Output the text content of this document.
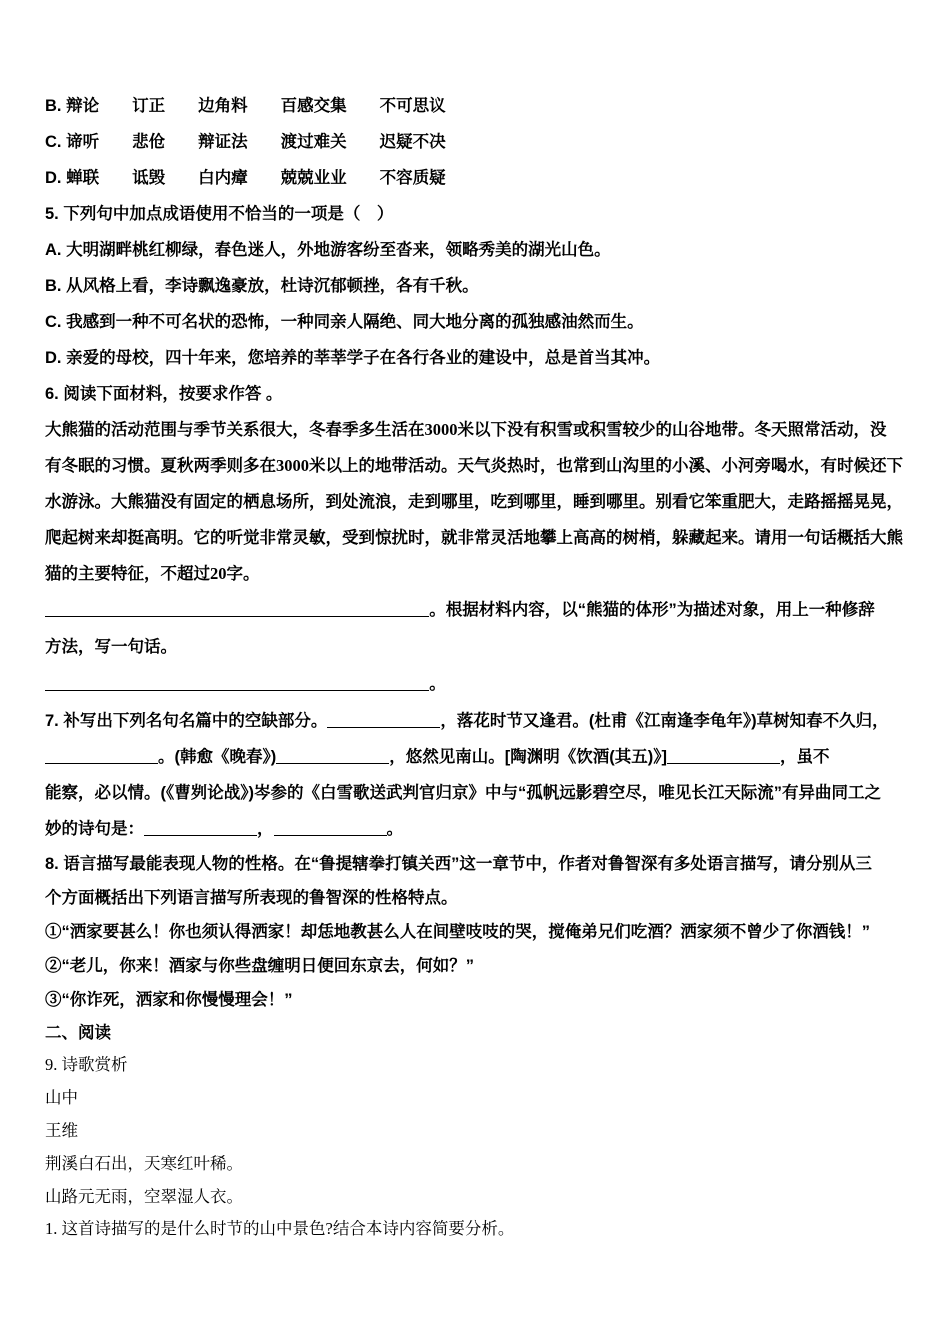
B. 辩论　　订正　　边角料　　百感交集　　不可思议
C. 谛听　　悲伧　　辩证法　　渡过难关　　迟疑不决
D. 蝉联　　诋毁　　白内瘴　　兢兢业业　　不容质疑
5. 下列句中加点成语使用不恰当的一项是（　）
A. 大明湖畔桃红柳绿，春色迷人，外地游客纷至沓来，领略秀美的湖光山色。
B. 从风格上看，李诗飘逸豪放，杜诗沉郁顿挫，各有千秋。
C. 我感到一种不可名状的恐怖，一种同亲人隔绝、同大地分离的孤独感油然而生。
D. 亲爱的母校，四十年来，您培养的莘莘学子在各行各业的建设中，总是首当其冲。
6. 阅读下面材料，按要求作答 。
大熊猫的活动范围与季节关系很大，冬春季多生活在3000米以下没有积雪或积雪较少的山谷地带。冬天照常活动，没
有冬眠的习惯。夏秋两季则多在3000米以上的地带活动。天气炎热时，也常到山沟里的小溪、小河旁喝水，有时候还下
水游泳。大熊猫没有固定的栖息场所，到处流浪，走到哪里，吃到哪里，睡到哪里。别看它笨重肥大，走路摇摇晃晃，
爬起树来却挺高明。它的听觉非常灵敏，受到惊扰时，就非常灵活地攀上高高的树梢，躲藏起来。请用一句话概括大熊
猫的主要特征，不超过20字。
。根据材料内容，以“熊猫的体形”为描述对象，用上一种修辞
方法，写一句话。
。
7. 补写出下列名句名篇中的空缺部分。	，落花时节又逢君。(杜甫《江南逢李龟年》)草树知春不久归，
。(韩愈《晚春》)	，悠然见南山。[陶渊明《饮酒(其五)》]	，虽不
能察，必以情。(《曹刿论战》)岑参的《白雪歌送武判官归京》中与“孤帆远影碧空尽，唯见长江天际流”有异曲同工之
妙的诗句是：	，	。
8. 语言描写最能表现人物的性格。在“鲁提辖拳打镇关西”这一章节中，作者对鲁智深有多处语言描写，请分别从三
个方面概括出下列语言描写所表现的鲁智深的性格特点。
①“洒家要甚么！你也须认得洒家！却恁地教甚么人在间壁吱吱的哭，搅俺弟兄们吃酒？洒家须不曾少了你酒钱！”
②“老儿，你来！酒家与你些盘缠明日便回东京去，何如？”
③“你诈死，洒家和你慢慢理会！”
二、阅读
9. 诗歌赏析
山中
王维
荆溪白石出，天寒红叶稀。
山路元无雨，空翠湿人衣。
1. 这首诗描写的是什么时节的山中景色?结合本诗内容简要分析。
